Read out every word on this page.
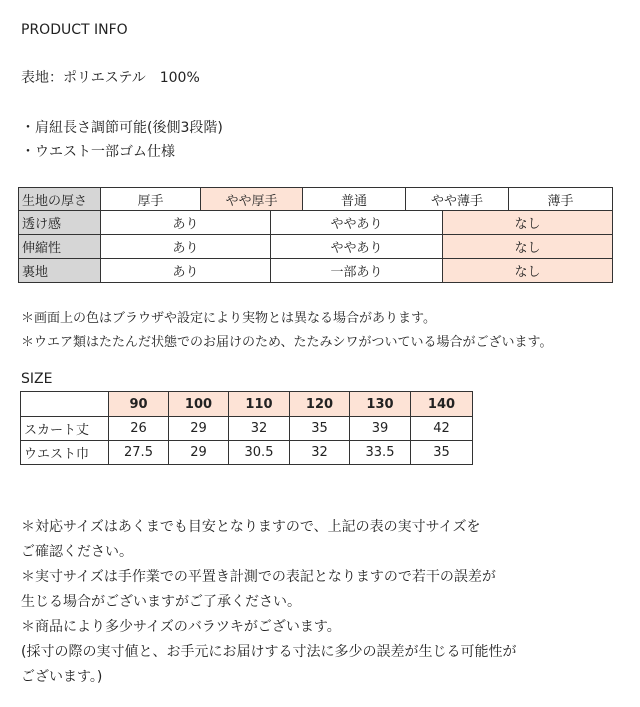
PRODUCT INFO
表地：ポリエステル　100%
・肩紐長さ調節可能(後側3段階)
・ウエスト一部ゴム仕様
生地の厚さ	厚手	やや厚手	普通	やや薄手	薄手
透け感	あり	ややあり	なし
伸縮性	あり	ややあり	なし
裏地	あり	一部あり	なし
＊画面上の色はブラウザや設定により実物とは異なる場合があります。
＊ウエア類はたたんだ状態でのお届けのため、たたみシワがついている場合がございます。
SIZE
	90	100	110	120	130	140
スカート丈	26	29	32	35	39	42
ウエスト巾	27.5	29	30.5	32	33.5	35
＊対応サイズはあくまでも目安となりますので、上記の表の実寸サイズを
ご確認ください。
＊実寸サイズは手作業での平置き計測での表記となりますので若干の誤差が
生じる場合がございますがご了承ください。
＊商品により多少サイズのバラツキがございます。
(採寸の際の実寸値と、お手元にお届けする寸法に多少の誤差が生じる可能性が
ございます。)
